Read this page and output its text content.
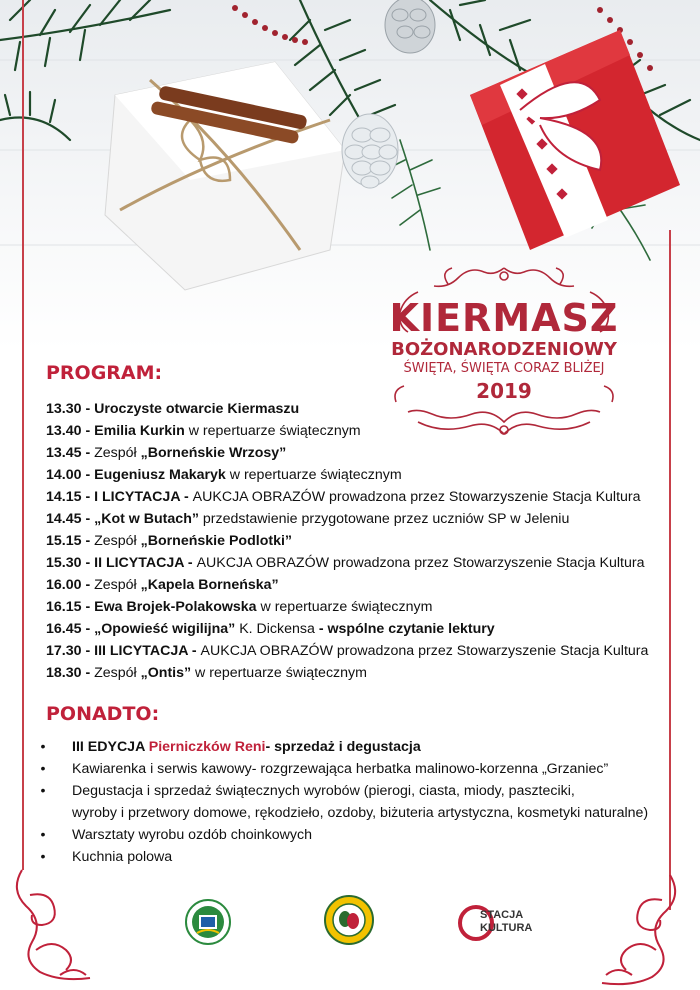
KIERMASZ
BOŻONARODZENIOWY
ŚWIĘTA, ŚWIĘTA CORAZ BLIŻEJ
2019
PROGRAM:
13.30 - Uroczyste otwarcie Kiermaszu
13.40 - Emilia Kurkin w repertuarze świątecznym
13.45 - Zespół „Borneńskie Wrzosy”
14.00 - Eugeniusz Makaryk w repertuarze świątecznym
14.15 - I LICYTACJA - AUKCJA OBRAZÓW prowadzona przez Stowarzyszenie Stacja Kultura
14.45 - „Kot w Butach” przedstawienie przygotowane przez uczniów SP w Jeleniu
15.15 - Zespół „Borneńskie Podlotki”
15.30 - II LICYTACJA - AUKCJA OBRAZÓW prowadzona przez Stowarzyszenie Stacja Kultura
16.00 - Zespół „Kapela Borneńska”
16.15 - Ewa Brojek-Polakowska w repertuarze świątecznym
16.45 - „Opowieść wigilijna” K. Dickensa - wspólne czytanie lektury
17.30 - III LICYTACJA - AUKCJA OBRAZÓW prowadzona przez Stowarzyszenie Stacja Kultura
18.30 - Zespół „Ontis” w repertuarze świątecznym
PONADTO:
• III EDYCJA Pierniczków Reni- sprzedaż i degustacja
• Kawiarenka i serwis kawowy- rozgrzewająca herbatka malinowo-korzenna „Grzaniec”
• Degustacja i sprzedaż świątecznych wyrobów (pierogi, ciasta, miody, paszteciki,
wyroby i przetwory domowe, rękodzieło, ozdoby, biżuteria artystyczna, kosmetyki naturalne)
• Warsztaty wyrobu ozdób choinkowych
• Kuchnia polowa
STACJA
KULTURA
